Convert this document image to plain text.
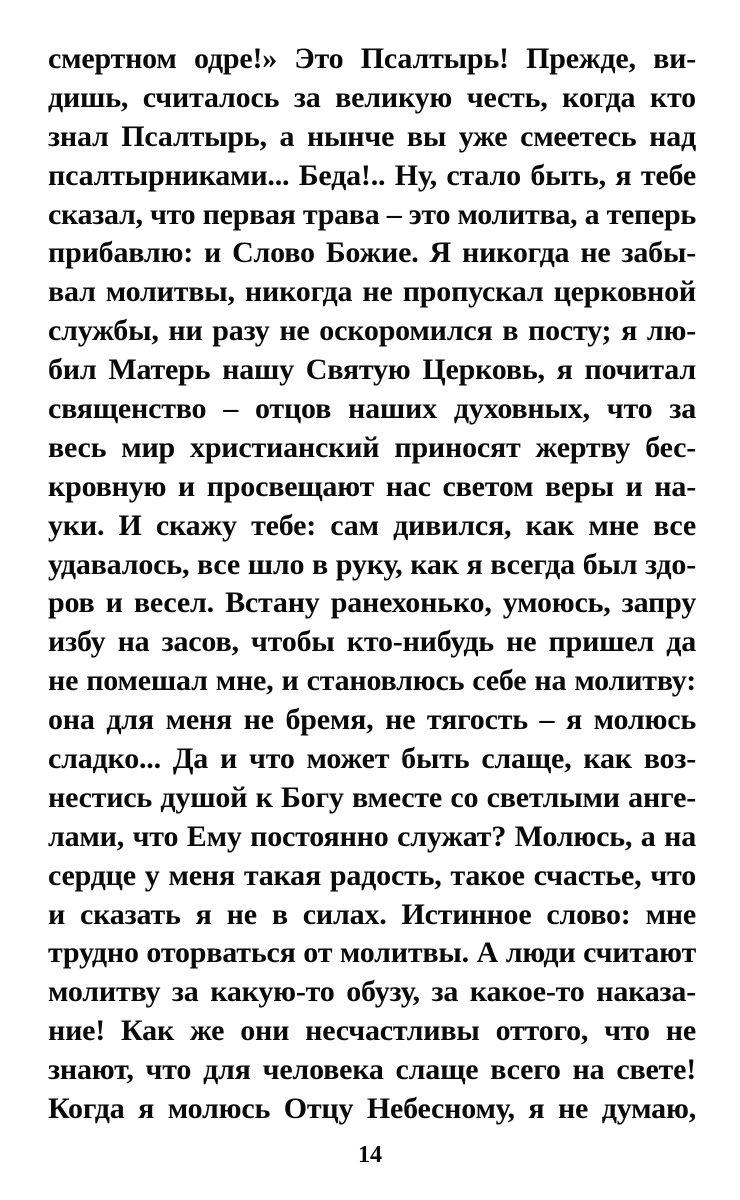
смертном одре!» Это Псалтырь! Прежде, ви-
дишь, считалось за великую честь, когда кто
знал Псалтырь, а нынче вы уже смеетесь над
псалтырниками... Беда!.. Ну, стало быть, я тебе
сказал, что первая трава – это молитва, а теперь
прибавлю: и Слово Божие. Я никогда не забы-
вал молитвы, никогда не пропускал церковной
службы, ни разу не оскоромился в посту; я лю-
бил Матерь нашу Святую Церковь, я почитал
священство – отцов наших духовных, что за
весь мир христианский приносят жертву бес-
кровную и просвещают нас светом веры и на-
уки. И скажу тебе: сам дивился, как мне все
удавалось, все шло в руку, как я всегда был здо-
ров и весел. Встану ранехонько, умоюсь, запру
избу на засов, чтобы кто-нибудь не пришел да
не помешал мне, и становлюсь себе на молитву:
она для меня не бремя, не тягость – я молюсь
сладко... Да и что может быть слаще, как воз-
нестись душой к Богу вместе со светлыми анге-
лами, что Ему постоянно служат? Молюсь, а на
сердце у меня такая радость, такое счастье, что
и сказать я не в силах. Истинное слово: мне
трудно оторваться от молитвы. А люди считают
молитву за какую-то обузу, за какое-то наказа-
ние! Как же они несчастливы оттого, что не
знают, что для человека слаще всего на свете!
Когда я молюсь Отцу Небесному, я не думаю,
14
